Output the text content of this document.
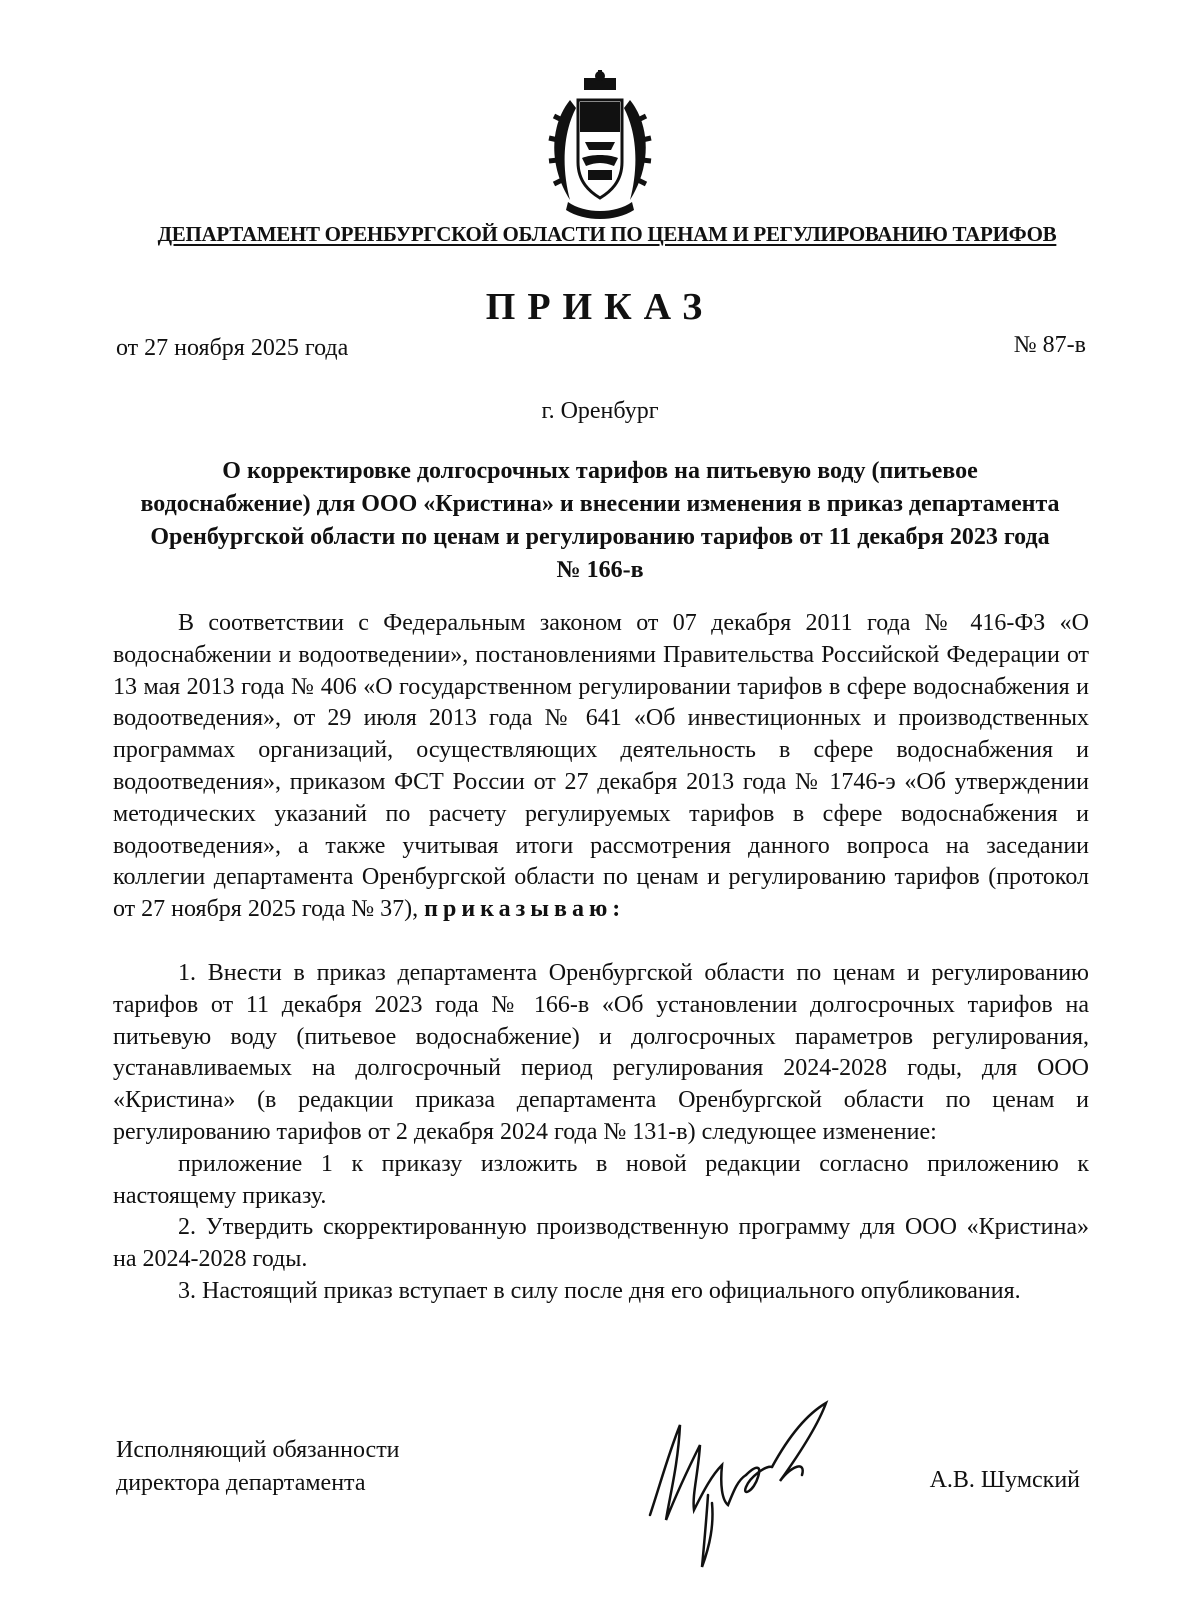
ДЕПАРТАМЕНТ ОРЕНБУРГСКОЙ ОБЛАСТИ ПО ЦЕНАМ И РЕГУЛИРОВАНИЮ ТАРИФОВ
ПРИКАЗ
от 27 ноября 2025 года	№ 87-в
г. Оренбург
О корректировке долгосрочных тарифов на питьевую воду (питьевое водоснабжение) для ООО «Кристина» и внесении изменения в приказ департамента Оренбургской области по ценам и регулированию тарифов от 11 декабря 2023 года № 166-в

В соответствии с Федеральным законом от 07 декабря 2011 года № 416-ФЗ «О водоснабжении и водоотведении», постановлениями Правительства Российской Федерации от 13 мая 2013 года № 406 «О государственном регулировании тарифов в сфере водоснабжения и водоотведения», от 29 июля 2013 года № 641 «Об инвестиционных и производственных программах организаций, осуществляющих деятельность в сфере водоснабжения и водоотведения», приказом ФСТ России от 27 декабря 2013 года № 1746-э «Об утверждении методических указаний по расчету регулируемых тарифов в сфере водоснабжения и водоотведения», а также учитывая итоги рассмотрения данного вопроса на заседании коллегии департамента Оренбургской области по ценам и регулированию тарифов (протокол от 27 ноября 2025 года № 37), приказываю:

1. Внести в приказ департамента Оренбургской области по ценам и регулированию тарифов от 11 декабря 2023 года № 166-в «Об установлении долгосрочных тарифов на питьевую воду (питьевое водоснабжение) и долгосрочных параметров регулирования, устанавливаемых на долгосрочный период регулирования 2024-2028 годы, для ООО «Кристина» (в редакции приказа департамента Оренбургской области по ценам и регулированию тарифов от 2 декабря 2024 года № 131-в) следующее изменение:

приложение 1 к приказу изложить в новой редакции согласно приложению к настоящему приказу.

2. Утвердить скорректированную производственную программу для ООО «Кристина» на 2024-2028 годы.

3. Настоящий приказ вступает в силу после дня его официального опубликования.

Исполняющий обязанности
директора департамента	А.В. Шумский
